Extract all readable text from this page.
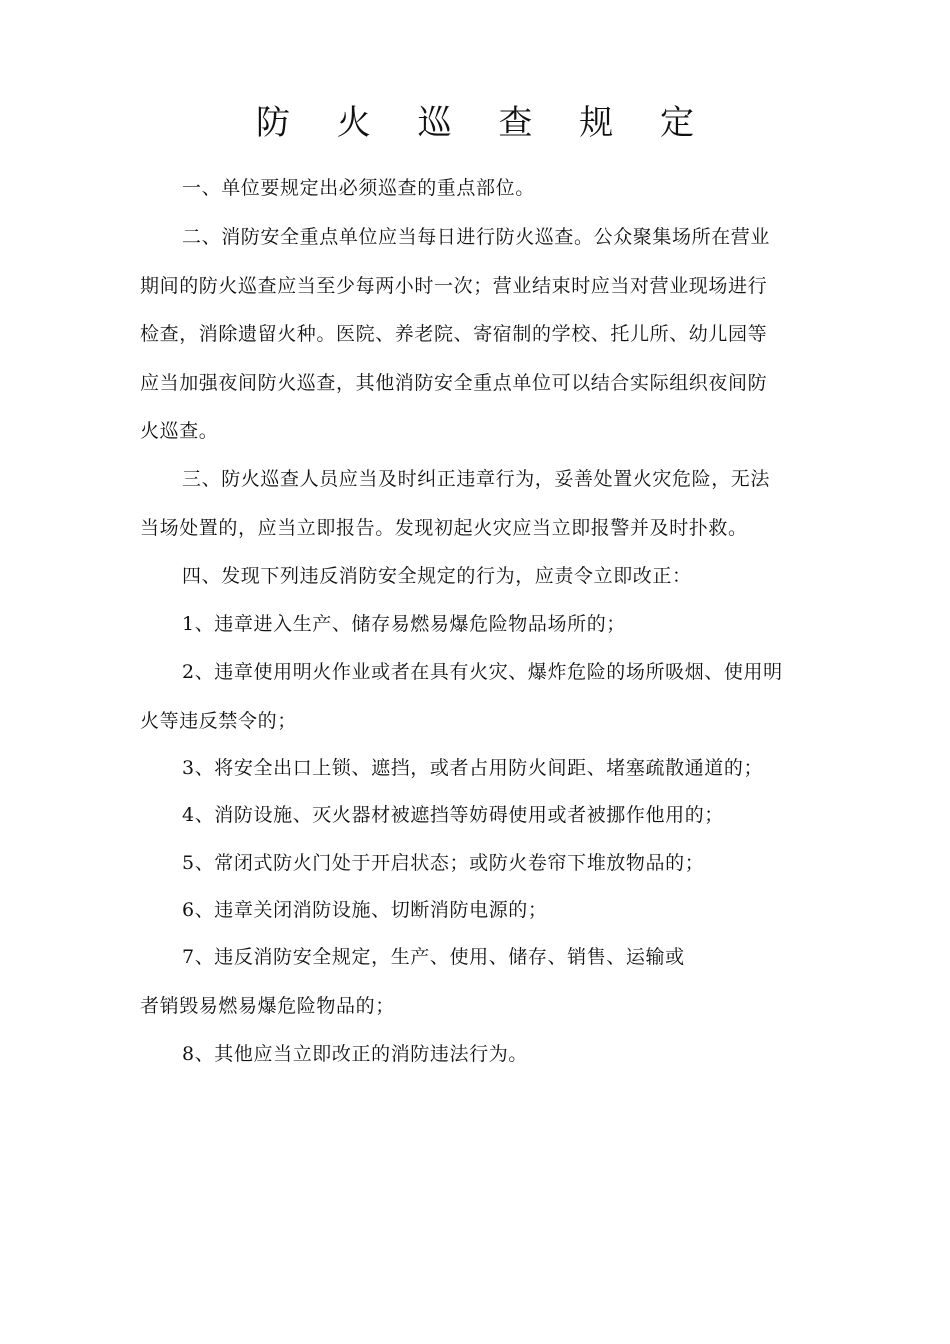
防 火 巡 查 规 定
一、单位要规定出必须巡查的重点部位。
二、消防安全重点单位应当每日进行防火巡查。公众聚集场所在营业
期间的防火巡查应当至少每两小时一次；营业结束时应当对营业现场进行
检查，消除遗留火种。医院、养老院、寄宿制的学校、托儿所、幼儿园等
应当加强夜间防火巡查，其他消防安全重点单位可以结合实际组织夜间防
火巡查。
三、防火巡查人员应当及时纠正违章行为，妥善处置火灾危险，无法
当场处置的，应当立即报告。发现初起火灾应当立即报警并及时扑救。
四、发现下列违反消防安全规定的行为，应责令立即改正：
1、违章进入生产、储存易燃易爆危险物品场所的；
2、违章使用明火作业或者在具有火灾、爆炸危险的场所吸烟、使用明
火等违反禁令的；
3、将安全出口上锁、遮挡，或者占用防火间距、堵塞疏散通道的；
4、消防设施、灭火器材被遮挡等妨碍使用或者被挪作他用的；
5、常闭式防火门处于开启状态；或防火卷帘下堆放物品的；
6、违章关闭消防设施、切断消防电源的；
7、违反消防安全规定，生产、使用、储存、销售、运输或
者销毁易燃易爆危险物品的；
8、其他应当立即改正的消防违法行为。
